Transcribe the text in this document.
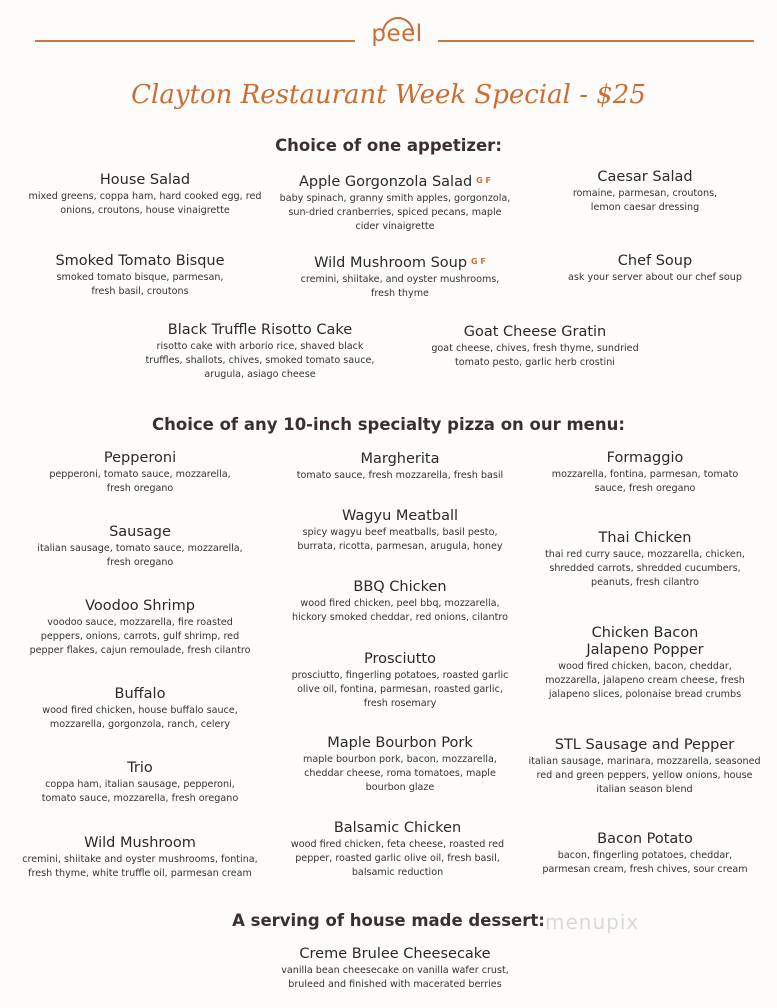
peel
Clayton Restaurant Week Special - $25
Choice of one appetizer:
House Salad
mixed greens, coppa ham, hard cooked egg, red onions, croutons, house vinaigrette
Apple Gorgonzola Salad $^{G F}$
baby spinach, granny smith apples, gorgonzola, sun-dried cranberries, spiced pecans, maple cider vinaigrette
Caesar Salad
romaine, parmesan, croutons, lemon caesar dressing
Smoked Tomato Bisque
smoked tomato bisque, parmesan, fresh basil, croutons
Wild Mushroom Soup $^{G F}$
cremini, shiitake, and oyster mushrooms, fresh thyme
Chef Soup
ask your server about our chef soup
Black Truffle Risotto Cake
risotto cake with arborio rice, shaved black truffles, shallots, chives, smoked tomato sauce, arugula, asiago cheese
Goat Cheese Gratin
goat cheese, chives, fresh thyme, sundried tomato pesto, garlic herb crostini
Choice of any 10-inch specialty pizza on our menu:
Pepperoni
pepperoni, tomato sauce, mozzarella, fresh oregano
Margherita
tomato sauce, fresh mozzarella, fresh basil
Formaggio
mozzarella, fontina, parmesan, tomato sauce, fresh oregano
Sausage
italian sausage, tomato sauce, mozzarella, fresh oregano
Wagyu Meatball
spicy wagyu beef meatballs, basil pesto, burrata, ricotta, parmesan, arugula, honey
Thai Chicken
thai red curry sauce, mozzarella, chicken, shredded carrots, shredded cucumbers, peanuts, fresh cilantro
Voodoo Shrimp
voodoo sauce, mozzarella, fire roasted peppers, onions, carrots, gulf shrimp, red pepper flakes, cajun remoulade, fresh cilantro
BBQ Chicken
wood fired chicken, peel bbq, mozzarella, hickory smoked cheddar, red onions, cilantro
Chicken Bacon Jalapeno Popper
wood fired chicken, bacon, cheddar, mozzarella, jalapeno cream cheese, fresh jalapeno slices, polonaise bread crumbs
Buffalo
wood fired chicken, house buffalo sauce, mozzarella, gorgonzola, ranch, celery
Prosciutto
prosciutto, fingerling potatoes, roasted garlic olive oil, fontina, parmesan, roasted garlic, fresh rosemary
Trio
coppa ham, italian sausage, pepperoni, tomato sauce, mozzarella, fresh oregano
Maple Bourbon Pork
maple bourbon pork, bacon, mozzarella, cheddar cheese, roma tomatoes, maple bourbon glaze
STL Sausage and Pepper
italian sausage, marinara, mozzarella, seasoned red and green peppers, yellow onions, house italian season blend
Wild Mushroom
cremini, shiitake and oyster mushrooms, fontina, fresh thyme, white truffle oil, parmesan cream
Balsamic Chicken
wood fired chicken, feta cheese, roasted red pepper, roasted garlic olive oil, fresh basil, balsamic reduction
Bacon Potato
bacon, fingerling potatoes, cheddar, parmesan cream, fresh chives, sour cream
A serving of house made dessert:
Creme Brulee Cheesecake
vanilla bean cheesecake on vanilla wafer crust, bruleed and finished with macerated berries
menupix
